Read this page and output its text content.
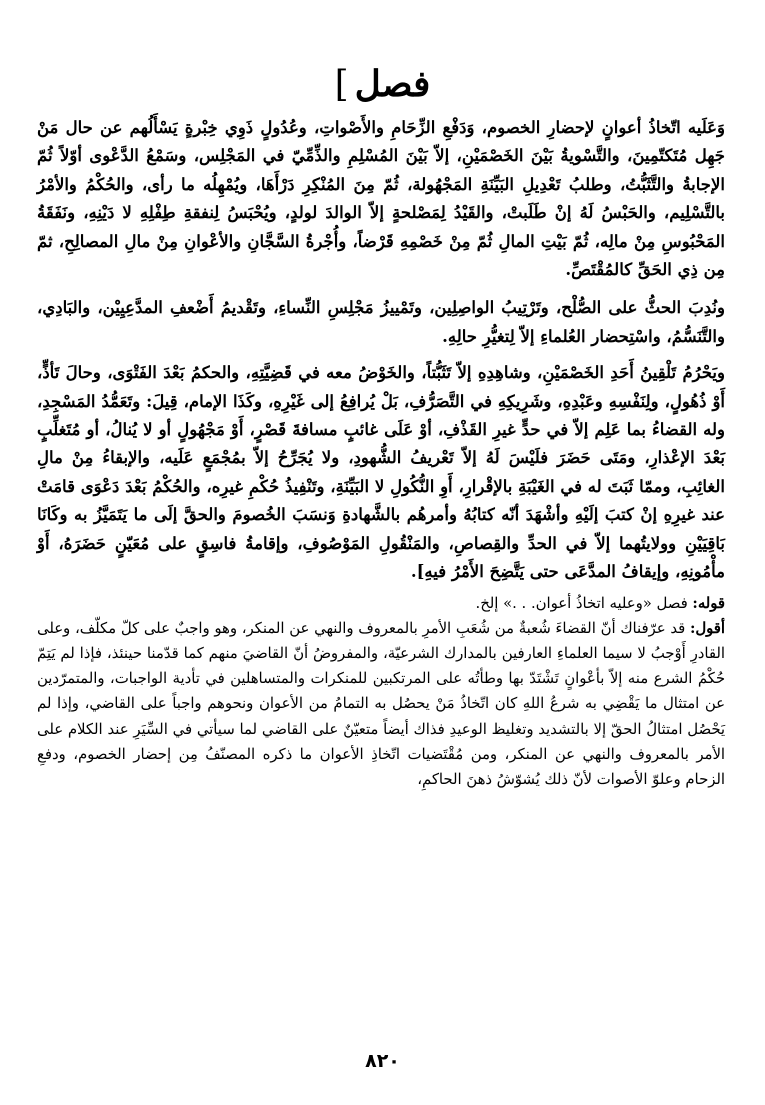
فصل]

وَعَلَيه اتّخاذُ أعوانٍ لإحضارِ الخصوم، وَدَفْعِ الزِّحَامِ والأَصْواتِ، وعُدُولٍ ذَوِي خِبْرةٍ يَسْأَلُهم عن حال مَنْ جَهِل مُتَكتّمِينَ، والتَّسْويةُ بَيْنَ الخَصْمَيْنِ، إلاّ بَيْنَ المُسْلِمِ والذِّمِّيّ في المَجْلِس، وسَمْعُ الدَّعْوى أوّلاً ثُمّ الإجابةُ والتَّثَبُّتُ، وطلبُ تَعْدِيلِ البَيِّنَةِ المَجْهُولة، ثُمّ مِنَ المُنْكِرِ دَرْأَهَا، ويُمْهِلُه ما رأى، والحُكْمُ والأمْرُ بالتَّسْلِيم، والحَبْسُ لَهُ إنْ طَلَبتْ، والقَيْدُ لِمَصْلحةٍ إلاّ الوالدَ لولدٍ، ويُحْبَسُ لِنفقةِ طِفْلِهِ لا دَيْنِهِ، ونَفَقَةُ المَحْبُوسِ مِنْ مالِه، ثُمّ بَيْتِ المالِ ثُمّ مِنْ خَصْمِهِ قَرْضاً، وأُجْرةُ السَّجَّانِ والأعْوانِ مِنْ مالِ المصالِحِ، ثمّ مِن ذِي الحَقِّ كالمُقْتَصِّ.

ونُدِبَ الحثُّ على الصُّلْح، وتَرْتِيبُ الواصِلِين، وتَمْييزُ مَجْلِسِ النِّساءِ، وتَقْديمُ أَضْعفِ المدَّعِيِيْن، والبَادِي، والتَّنَسُّمُ، واسْتِحضار العُلماءِ إلاّ لِتغيُّرِ حالِهِ.

ويَحْرُمُ تَلْقِينُ أَحَدِ الخَصْمَيْنِ، وشاهِدِهِ إلاّ تَثَبُّتاً، والخَوْضُ معه في قَضِيَّتِهِ، والحكمُ بَعْدَ الفَتْوَى، وحالَ تَأذٍّ، أَوْ ذُهُولٍ، ولِنَفْسِهِ وعَبْدِهِ، وشَرِيكِهِ في التَّصَرُّفِ، بَلْ يُرافِعُ إلى غَيْرِهِ، وكَذَا الإمام، قِيلَ: وتَعَمُّدُ المَسْجِدِ، وله القضاءُ بما عَلِم إلاّ في حدٍّ غيرِ القَذْفِ، أوْ عَلَى غائبٍ مسافةَ قَصْرٍ، أَوْ مَجْهُولٍ أو لا يُنالُ، أو مُتَغلِّبٍ بَعْدَ الإعْذارِ، ومَتَى حَضَرَ فلَيْسَ لَهُ إلاّ تَعْريفُ الشُّهودِ، ولا يُجَرِّحُ إلاّ بمُجْمَعٍ عَلَيه، والإبقاءُ مِنْ مالِ الغائِبِ، وممّا ثَبَتَ له في الغَيْبَةِ بالإقْرارِ، أَوِ النُّكُولِ لا البَيِّنَةِ، وتَنْفِيذُ حُكْمِ غيرِه، والحُكْمُ بَعْدَ دَعْوَى قامَتْ عند غيرِهِ إنْ كتبَ إلَيْهِ وأشْهَدَ أنّه كتابُهُ وأمرهُم بالشَّهادةِ وَنسَبَ الخُصومَ والحقَّ إلَى ما يَتَمَيَّزُ به وكَانَا بَاقِيَيْنِ وولايتُهما إلاّ في الحدِّ والقِصاصِ، والمَنْقُولِ المَوْصُوفِ، وإقامةُ فاسِقٍ على مُعَيّنٍ حَضَرَهُ، أَوْ مأْمُونِهِ، وإيقافُ المدَّعَى حتى يَتَّضِحَ الأَمْرُ فيهِ].

قوله: فصل «وعليه اتخاذُ أعوان. . .» إلخ.

أقول: قد عرّفناك أنّ القضاءَ شُعبةٌ من شُعَبِ الأمرِ بالمعروف والنهي عن المنكر، وهو واجبٌ على كلّ مكلّف، وعلى القادرِ أَوْجبُ لا سيما العلماءِ العارفين بالمدارك الشرعيّة، والمفروضُ أنّ القاضيَ منهم كما قدّمنا حينئذ، فإذا لم يَتِمّ حُكْمُ الشرع منه إلاّ بأعْوانٍ تَشْتَدّ بها وطأتُه على المرتكبين للمنكرات والمتساهلين في تأدية الواجبات، والمتمرّدين عن امتثال ما يَقْضِي به شرعُ اللهِ كان اتّخاذُ مَنْ يحصُل به التمامُ من الأعوان ونحوهم واجباً على القاضي، وإذا لم يَحْصُل امتثالُ الحقّ إلا بالتشديد وتغليظ الوعيدِ فذاك أيضاً متعيّنٌ على القاضي لما سيأتي في السِّيَرِ عند الكلام على الأمر بالمعروف والنهي عن المنكر، ومن مُقْتَضيات اتّخاذِ الأعوان ما ذكره المصنّفُ مِن إحضار الخصوم، ودفعِ الزحام وعلوّ الأصوات لأنّ ذلك يُشوّشُ ذهنَ الحاكمِ،

٨٢٠
